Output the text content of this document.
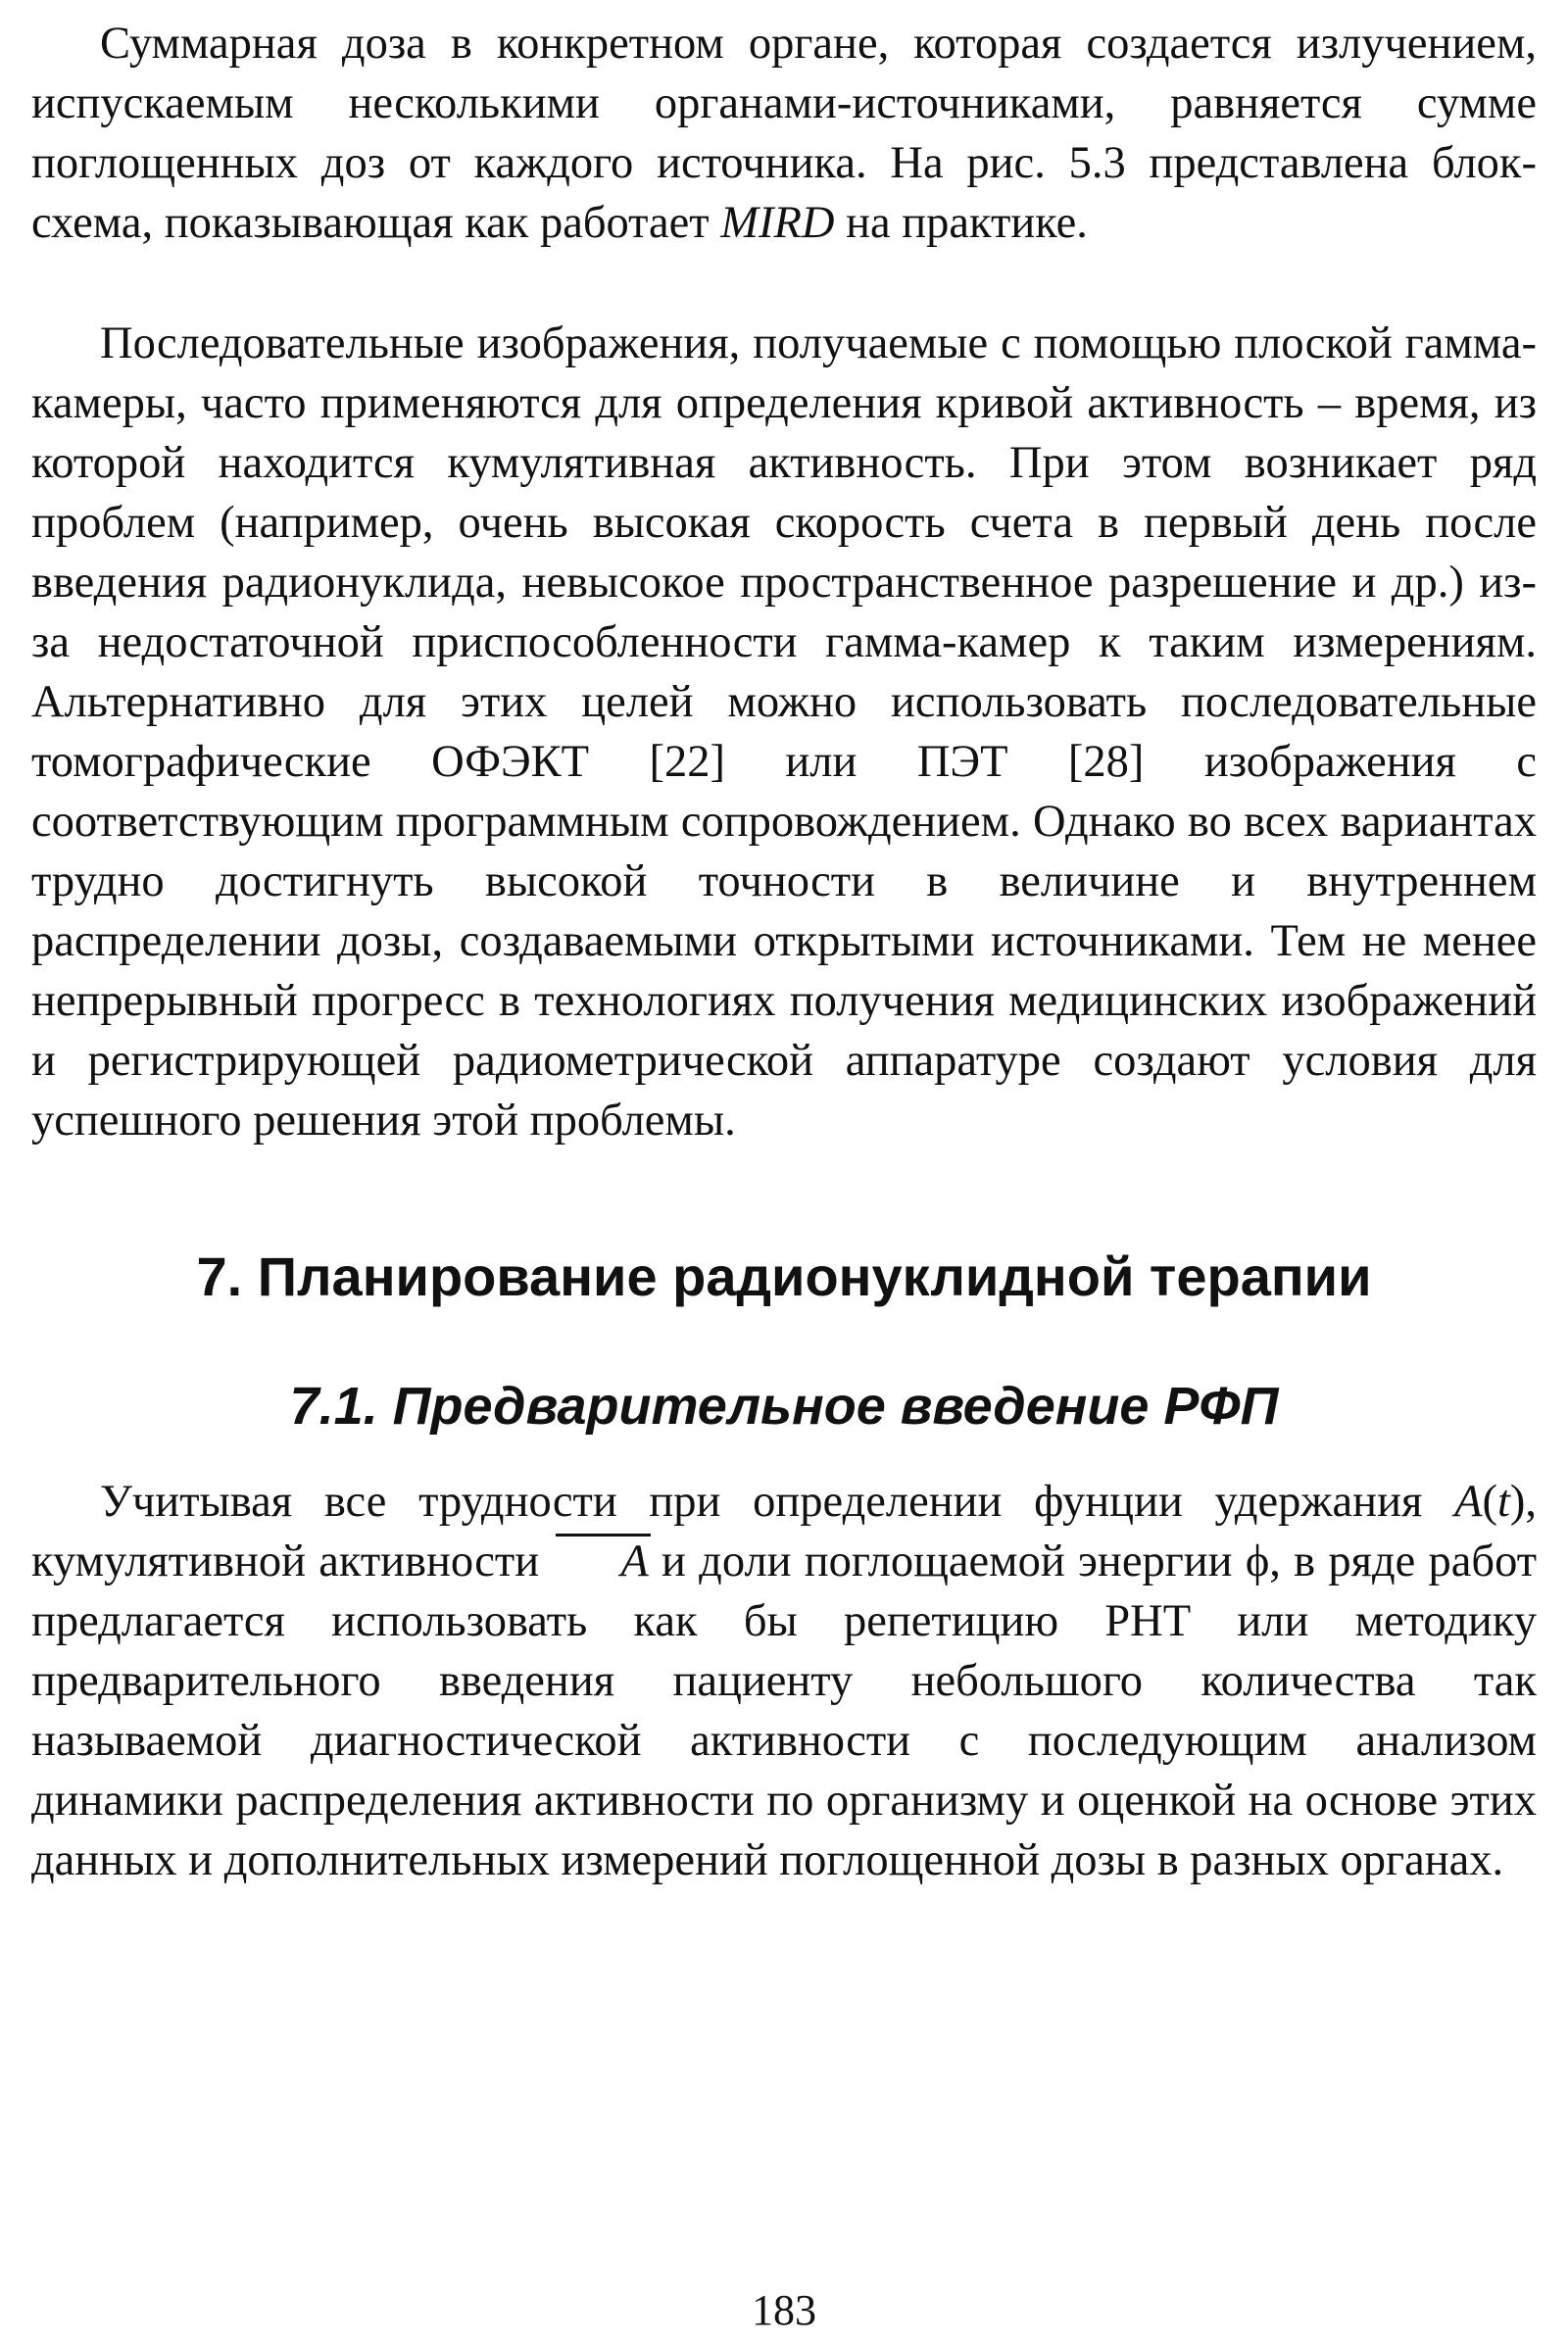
Суммарная доза в конкретном органе, которая создается излучением, испускаемым несколькими органами-источниками, равняется сумме поглощенных доз от каждого источника. На рис. 5.3 представлена блок-схема, показывающая как работает MIRD на практике.

Последовательные изображения, получаемые с помощью плоской гамма-камеры, часто применяются для определения кривой активность – время, из которой находится кумулятивная активность. При этом возникает ряд проблем (например, очень высокая скорость счета в первый день после введения радионуклида, невысокое пространственное разрешение и др.) из-за недостаточной приспособленности гамма-камер к таким измерениям. Альтернативно для этих целей можно использовать последовательные томографические ОФЭКТ [22] или ПЭТ [28] изображения с соответствующим программным сопровождением. Однако во всех вариантах трудно достигнуть высокой точности в величине и внутреннем распределении дозы, создаваемыми открытыми источниками. Тем не менее непрерывный прогресс в технологиях получения медицинских изображений и регистрирующей радиометрической аппаратуре создают условия для успешного решения этой проблемы.

7. Планирование радионуклидной терапии
7.1. Предварительное введение РФП

Учитывая все трудности при определении фунции удержания A(t), кумулятивной активности A и доли поглощаемой энергии ϕ, в ряде работ предлагается использовать как бы репетицию РНТ или методику предварительного введения пациенту небольшого количества так называемой диагностической активности с последующим анализом динамики распределения активности по организму и оценкой на основе этих данных и дополнительных измерений поглощенной дозы в разных органах.

183
